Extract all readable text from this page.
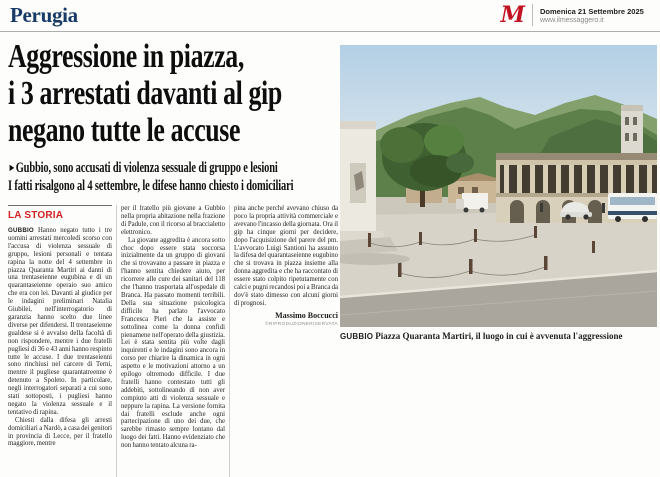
Perugia	M Domenica 21 Settembre 2025
www.ilmessaggero.it
Aggressione in piazza,
i 3 arrestati davanti al gip
negano tutte le accuse
►Gubbio, sono accusati di violenza sessuale di gruppo e lesioni
I fatti risalgono al 4 settembre, le difese hanno chiesto i domiciliari
LA STORIA

GUBBIO Hanno negato tutto i tre uomini arrestati mercoledì scorso con l'accusa di violenza sessuale di gruppo, lesioni personali e tentata rapina la notte del 4 settembre in piazza Quaranta Martiri ai danni di una trentaseienne eugubina e di un quarantaseienne operaio suo amico che era con lei. Davanti al giudice per le indagini preliminari Natalia Giubilei, nell'interrogatorio di garanzia hanno scelto due linee diverse per difendersi. Il trentaseienne gualdese si è avvalso della facoltà di non rispondere, mentre i due fratelli pugliesi di 36 e 43 anni hanno respinto tutte le accuse. I due trentaseienni sono rinchiusi nel carcere di Terni, mentre il pugliese quarantatreenne è detenuto a Spoleto. In particolare, negli interrogatori separati a cui sono stati sottoposti, i pugliesi hanno negato la violenza sessuale e il tentativo di rapina.

Chiesti dalla difesa gli arresti domiciliari a Nardò, a casa dei genitori in provincia di Lecce, per il fratello maggiore, mentre

per il fratello più giovane a Gubbio nella propria abitazione nella frazione di Padule, con il ricorso al braccialetto elettronico.

La giovane aggredita è ancora sotto choc dopo essere stata soccorsa inizialmente da un gruppo di giovani che si trovavano a passare in piazza e l'hanno sentita chiedere aiuto, per ricorrere alle cure dei sanitari del 118 che l'hanno trasportata all'ospedale di Branca. Ha passato momenti terribili. Della sua situazione psicologica difficile ha parlato l'avvocato Francesca Pieri che la assiste e sottolinea come la donna confidi pienamene nell'operato della giustizia. Lei è stata sentita più volte dagli inquirenti e le indagini sono ancora in corso per chiarire la dinamica in ogni aspetto e le motivazioni attorno a un epilogo oltremodo difficile. I due fratelli hanno contestato tutti gli addebiti, sottolineando di non aver compiuto atti di violenza sessuale e neppure la rapina. La versione fornita dai fratelli esclude anche ogni partecipazione di uno dei due, che sarebbe rimasto sempre lontano dal luogo dei fatti. Hanno evidenziato che non hanno tentato alcuna ra-

pina anche perché avevano chiuso da poco la propria attività commerciale e avevano l'incasso della giornata. Ora il gip ha cinque giorni per decidere, dopo l'acquisizione del parere del pm. L'avvocato Luigi Santioni ha assunto la difesa del quarantaseienne eugubino che si trovava in piazza insieme alla donna aggredita e che ha raccontato di essere stato colpito ripetutamente con calci e pugni recandosi poi a Branca da dov'è stato dimesso con alcuni giorni di prognosi.

Massimo Boccucci
©RIPRODUZIONERISERVATA
GUBBIO Piazza Quaranta Martiri, il luogo in cui è avvenuta l'aggressione
